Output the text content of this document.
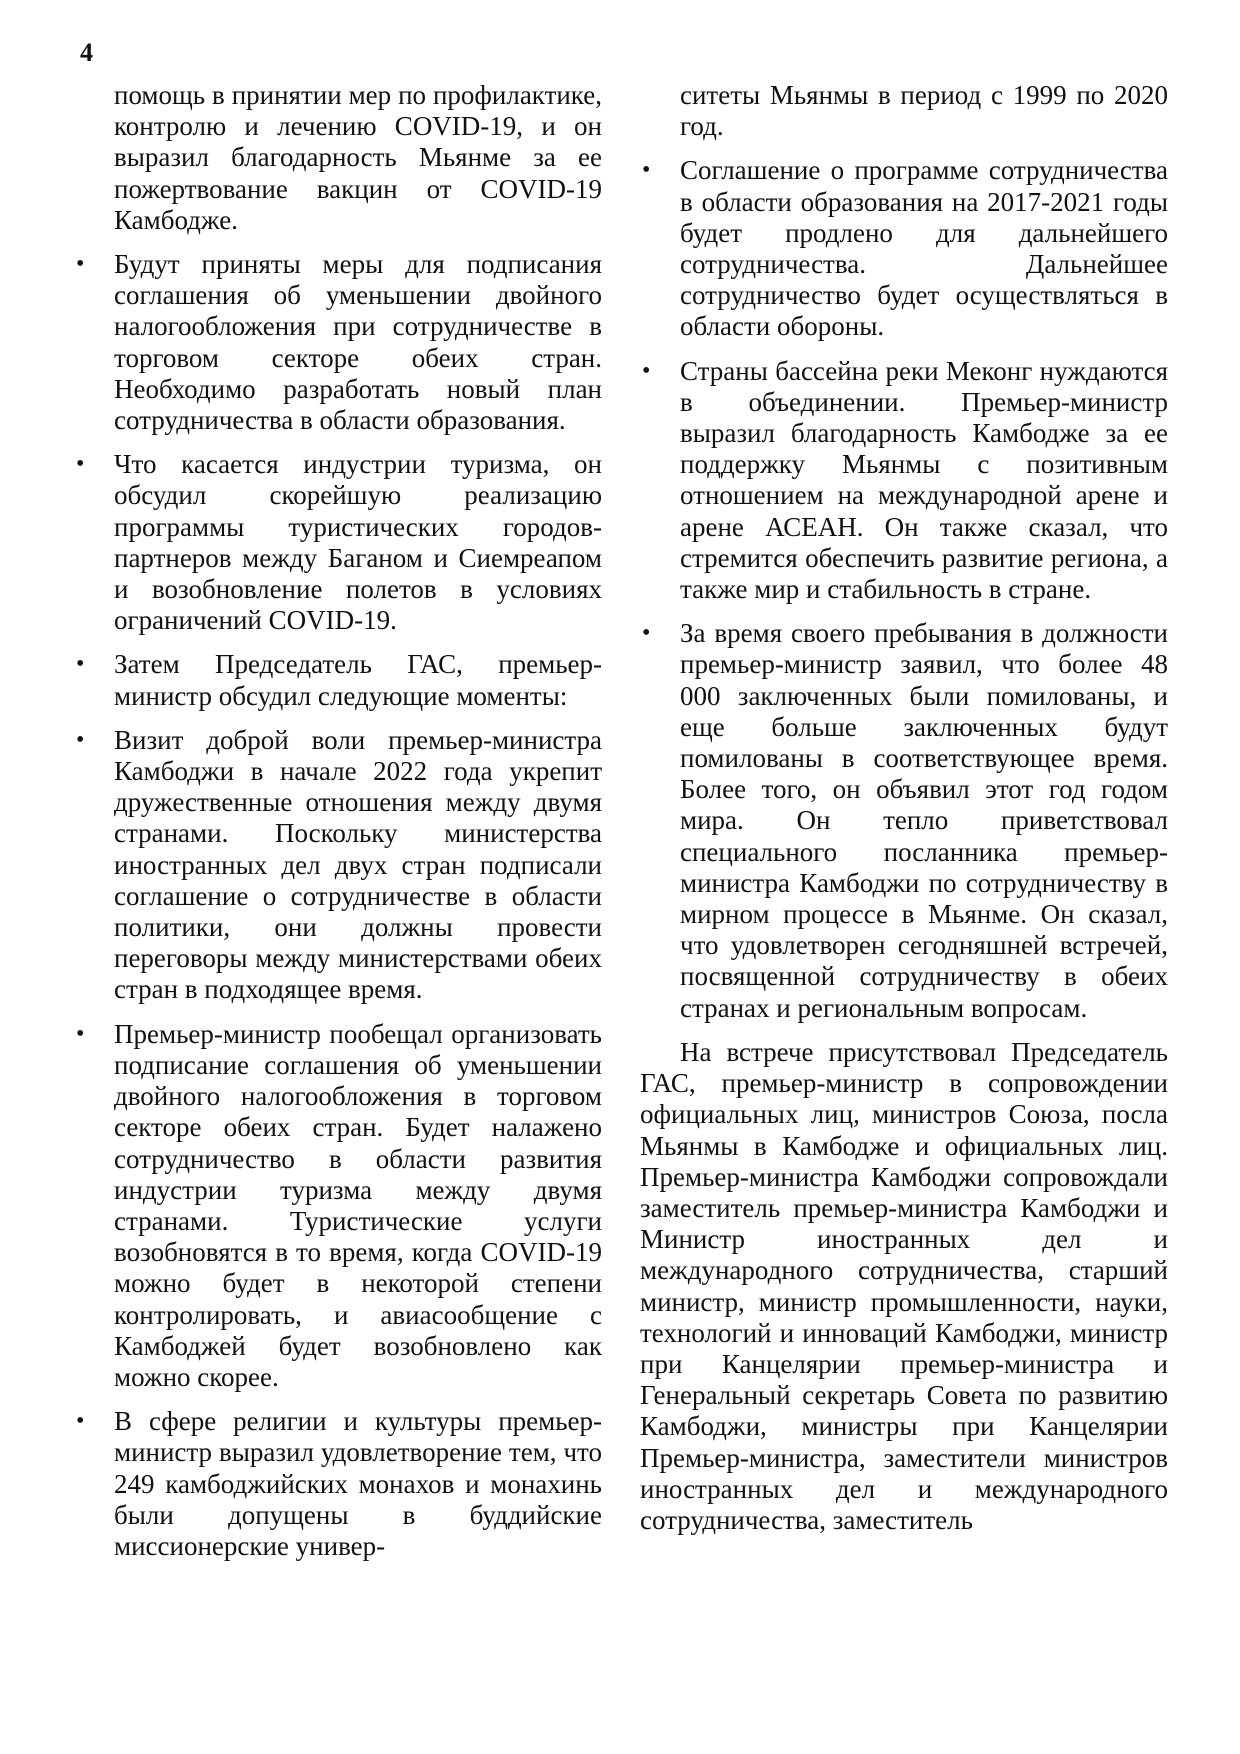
4

помощь в принятии мер по профилактике, контролю и лечению COVID-19, и он выразил благодарность Мьянме за ее пожертвование вакцин от COVID-19 Камбодже.

• Будут приняты меры для подписания соглашения об уменьшении двойного налогообложения при сотрудничестве в торговом секторе обеих стран. Необходимо разработать новый план сотрудничества в области образования.

• Что касается индустрии туризма, он обсудил скорейшую реализацию программы туристических городов-партнеров между Баганом и Сиемреапом и возобновление полетов в условиях ограничений COVID-19.

• Затем Председатель ГАС, премьер-министр обсудил следующие моменты:

• Визит доброй воли премьер-министра Камбоджи в начале 2022 года укрепит дружественные отношения между двумя странами. Поскольку министерства иностранных дел двух стран подписали соглашение о сотрудничестве в области политики, они должны провести переговоры между министерствами обеих стран в подходящее время.

• Премьер-министр пообещал организовать подписание соглашения об уменьшении двойного налогообложения в торговом секторе обеих стран. Будет налажено сотрудничество в области развития индустрии туризма между двумя странами. Туристические услуги возобновятся в то время, когда COVID-19 можно будет в некоторой степени контролировать, и авиасообщение с Камбоджей будет возобновлено как можно скорее.

• В сфере религии и культуры премьер-министр выразил удовлетворение тем, что 249 камбоджийских монахов и монахинь были допущены в буддийские миссионерские универ-

ситеты Мьянмы в период с 1999 по 2020 год.

• Соглашение о программе сотрудничества в области образования на 2017-2021 годы будет продлено для дальнейшего сотрудничества. Дальнейшее сотрудничество будет осуществляться в области обороны.

• Страны бассейна реки Меконг нуждаются в объединении. Премьер-министр выразил благодарность Камбодже за ее поддержку Мьянмы с позитивным отношением на международной арене и арене АСЕАН. Он также сказал, что стремится обеспечить развитие региона, а также мир и стабильность в стране.

• За время своего пребывания в должности премьер-министр заявил, что более 48 000 заключенных были помилованы, и еще больше заключенных будут помилованы в соответствующее время. Более того, он объявил этот год годом мира. Он тепло приветствовал специального посланника премьер-министра Камбоджи по сотрудничеству в мирном процессе в Мьянме. Он сказал, что удовлетворен сегодняшней встречей, посвященной сотрудничеству в обеих странах и региональным вопросам.

На встрече присутствовал Председатель ГАС, премьер-министр в сопровождении официальных лиц, министров Союза, посла Мьянмы в Камбодже и официальных лиц. Премьер-министра Камбоджи сопровождали заместитель премьер-министра Камбоджи и Министр иностранных дел и международного сотрудничества, старший министр, министр промышленности, науки, технологий и инноваций Камбоджи, министр при Канцелярии премьер-министра и Генеральный секретарь Совета по развитию Камбоджи, министры при Канцелярии Премьер-министра, заместители министров иностранных дел и международного сотрудничества, заместитель
